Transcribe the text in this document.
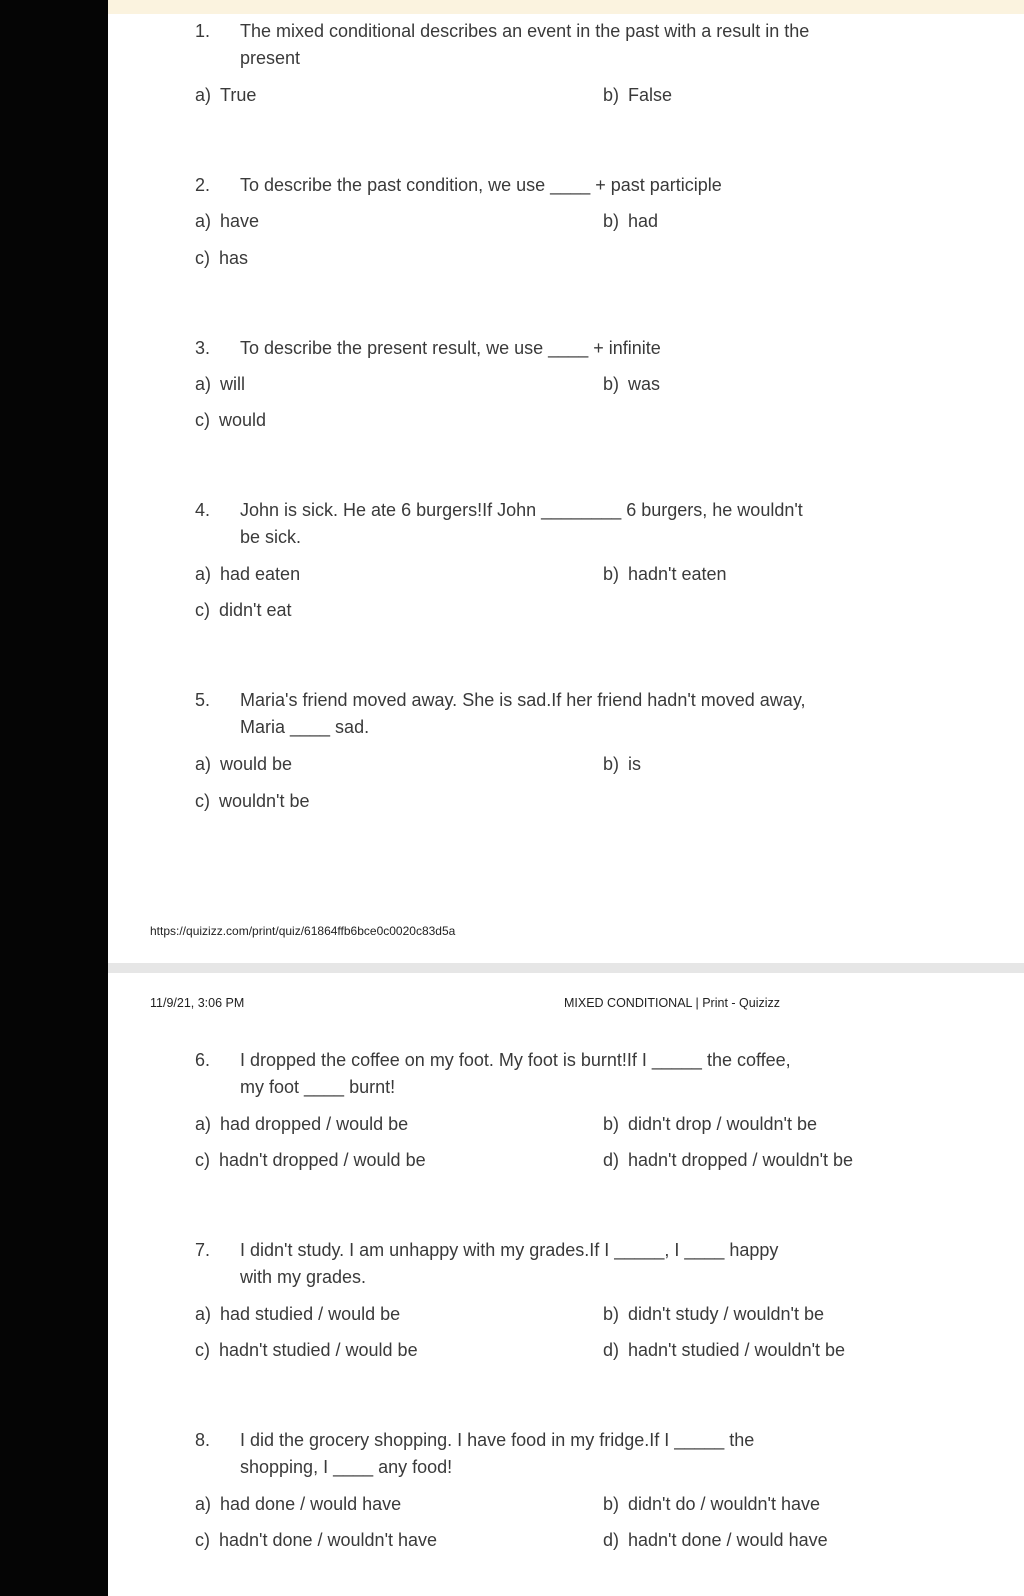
1. The mixed conditional describes an event in the past with a result in the present
a) True	b) False
2. To describe the past condition, we use ____ + past participle
a) have	b) had
c) has
3. To describe the present result, we use ____ + infinite
a) will	b) was
c) would
4. John is sick. He ate 6 burgers!If John ________ 6 burgers, he wouldn't be sick.
a) had eaten	b) hadn't eaten
c) didn't eat
5. Maria's friend moved away. She is sad.If her friend hadn't moved away, Maria ____ sad.
a) would be	b) is
c) wouldn't be
https://quizizz.com/print/quiz/61864ffb6bce0c0020c83d5a
11/9/21, 3:06 PM	MIXED CONDITIONAL | Print - Quizizz
6. I dropped the coffee on my foot. My foot is burnt!If I _____ the coffee, my foot ____ burnt!
a) had dropped / would be	b) didn't drop / wouldn't be
c) hadn't dropped / would be	d) hadn't dropped / wouldn't be
7. I didn't study. I am unhappy with my grades.If I _____, I ____ happy with my grades.
a) had studied / would be	b) didn't study / wouldn't be
c) hadn't studied / would be	d) hadn't studied / wouldn't be
8. I did the grocery shopping. I have food in my fridge.If I _____ the shopping, I ____ any food!
a) had done / would have	b) didn't do / wouldn't have
c) hadn't done / wouldn't have	d) hadn't done / would have
